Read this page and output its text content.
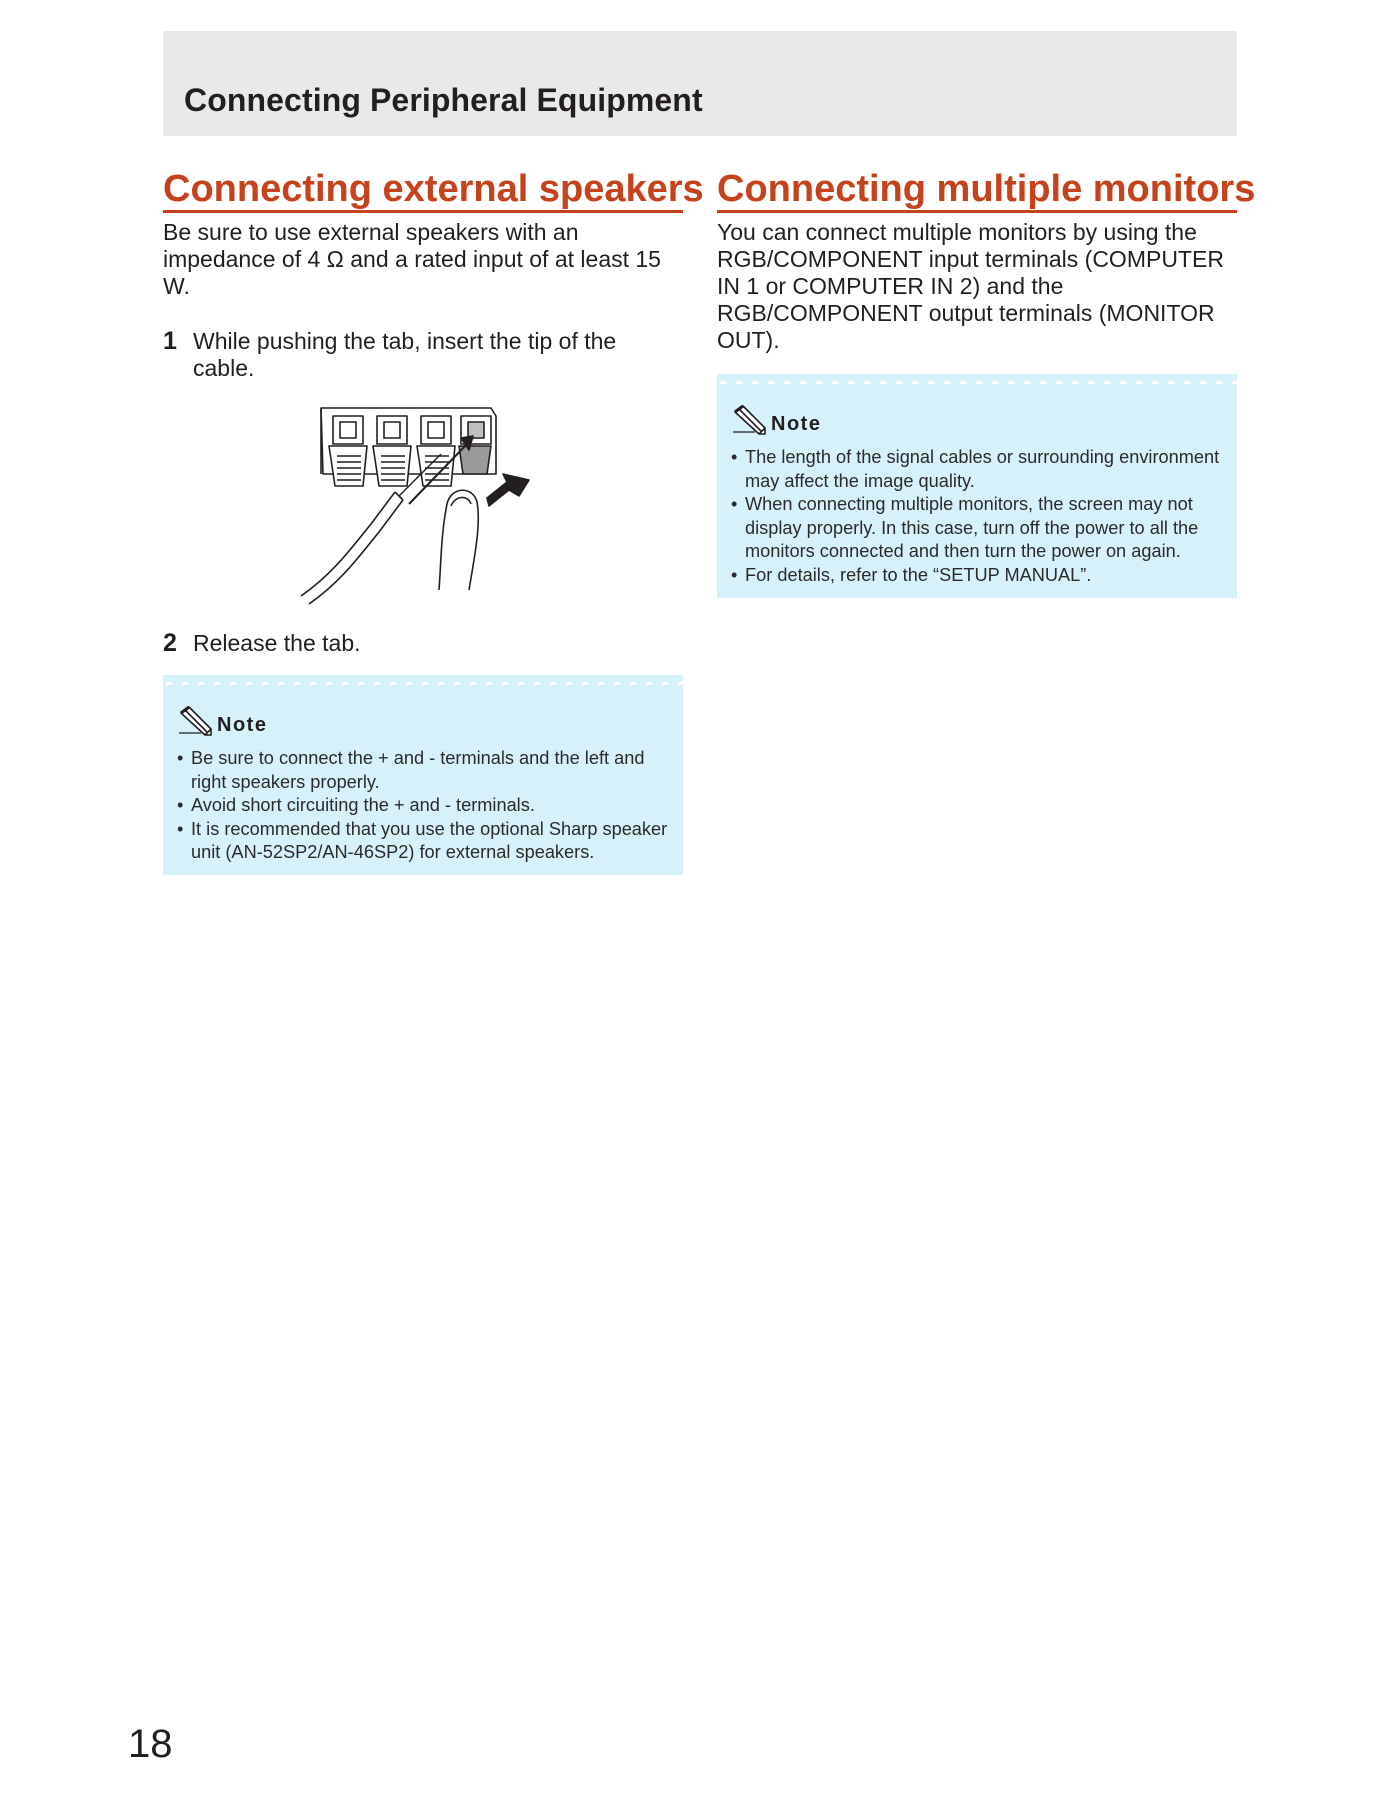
Connecting Peripheral Equipment
Connecting external speakers

Be sure to use external speakers with an impedance of 4 Ω and a rated input of at least 15 W.

1 While pushing the tab, insert the tip of the cable.
2 Release the tab.
Note
• Be sure to connect the + and - terminals and the left and right speakers properly.
• Avoid short circuiting the + and - terminals.
• It is recommended that you use the optional Sharp speaker unit (AN-52SP2/AN-46SP2) for external speakers.
Connecting multiple monitors

You can connect multiple monitors by using the RGB/COMPONENT input terminals (COMPUTER IN 1 or COMPUTER IN 2) and the RGB/COMPONENT output terminals (MONITOR OUT).

Note
• The length of the signal cables or surrounding environment may affect the image quality.
• When connecting multiple monitors, the screen may not display properly. In this case, turn off the power to all the monitors connected and then turn the power on again.
• For details, refer to the “SETUP MANUAL”.

18
